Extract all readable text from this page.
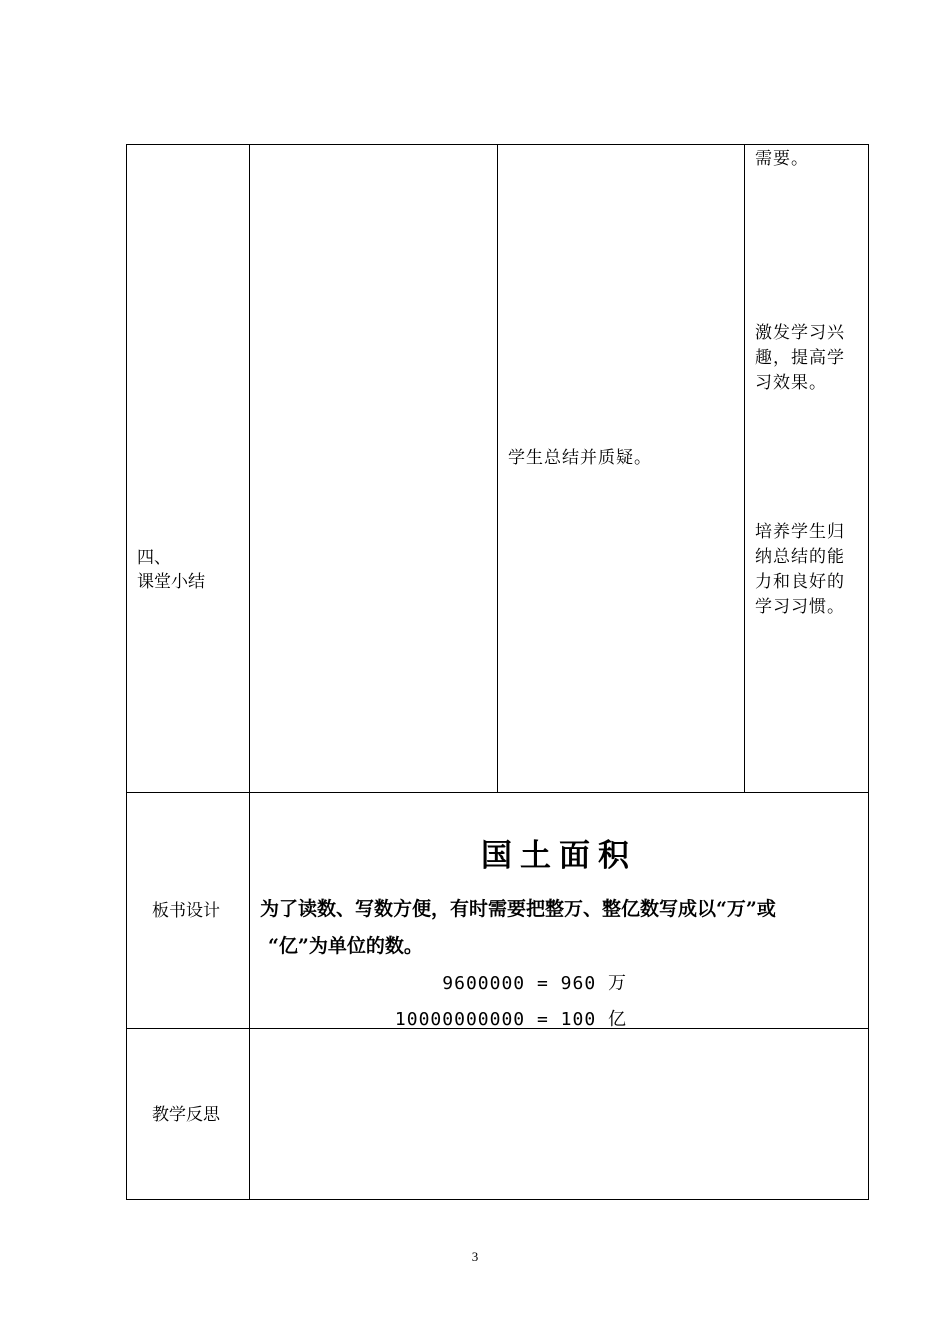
四、

课堂小结

学生总结并质疑。

需要。

激发学习兴

趣，提高学

习效果。

培养学生归

纳总结的能

力和良好的

学习习惯。

板书设计

国土面积

为了读数、写数方便，有时需要把整万、整亿数写成以“万”或

“亿”为单位的数。

9600000 = 960 万

10000000000 = 100 亿

教学反思

3
